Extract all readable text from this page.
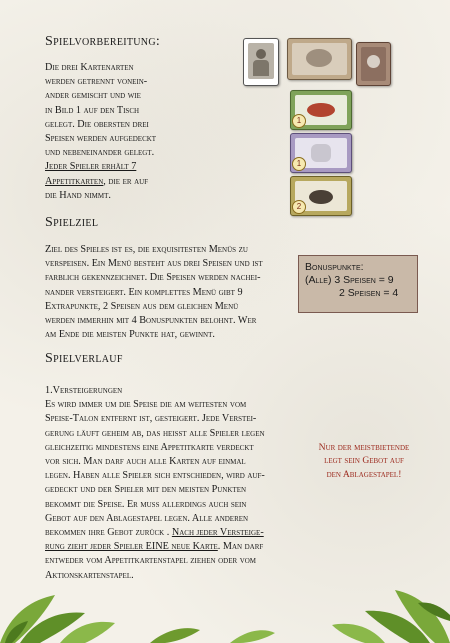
Spielvorbereitung:
Die drei Kartenarten
werden getrennt vonein-
ander gemischt und wie
in Bild 1 auf den Tisch
gelegt. Die obersten drei
Speisen werden aufgedeckt
und nebeneinander gelegt.
Jeder Spieler erhält 7
Appetitkarten, die er auf
die Hand nimmt.
1
1
2
Spielziel
Ziel des Spieles ist es, die exquisitesten Menüs zu
verspeisen. Ein Menü besteht aus drei Speisen und ist
farblich gekennzeichnet. Die Speisen werden nachei-
nander versteigert. Ein komplettes Menü gibt 9
Extrapunkte, 2 Speisen aus dem gleichen Menü
werden immerhin mit 4 Bonuspunkten belohnt. Wer
am Ende die meisten Punkte hat, gewinnt.
Bonuspunkte:
(Alle) 3 Speisen = 9
2 Speisen = 4
Spielverlauf
1.Versteigerungen
Es wird immer um die Speise die am weitesten vom
Speise-Talon entfernt ist, gesteigert. Jede Verstei-
gerung läuft geheim ab, das heisst alle Spieler legen
gleichzeitig mindestens eine Appetitkarte verdeckt
vor sich. Man darf auch alle Karten auf einmal
legen. Haben alle Spieler sich entschieden, wird auf-
gedeckt und der Spieler mit den meisten Punkten
bekommt die Speise. Er muss allerdings auch sein
Gebot auf den Ablagestapel legen. Alle anderen
bekommen ihre Gebot zurück . Nach jeder Versteige-
rung zieht jeder Spieler EINE neue Karte. Man darf
entweder vom Appetitkartenstapel ziehen oder vom
Aktionskartenstapel.
Nur der meistbietende
legt sein Gebot auf
den Ablagestapel!
